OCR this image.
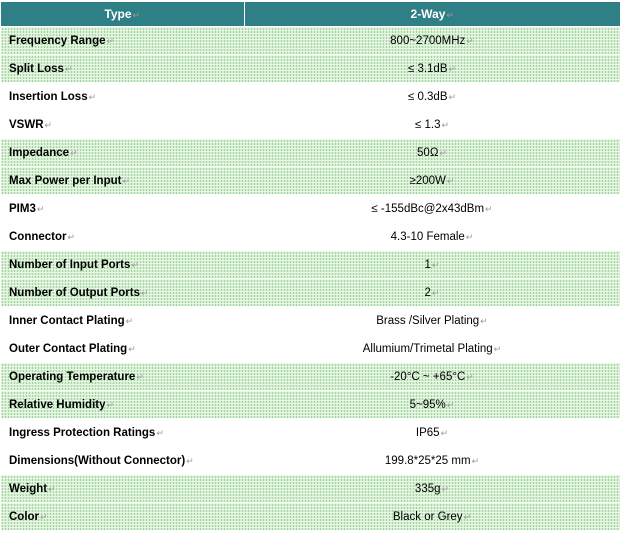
Type↵	2-Way↵
Frequency Range↵	800~2700MHz↵
Split Loss↵	≤ 3.1dB↵
Insertion Loss↵	≤ 0.3dB↵
VSWR↵	≤ 1.3↵
Impedance↵	50Ω↵
Max Power per Input↵	≥200W↵
PIM3↵	≤ -155dBc@2x43dBm↵
Connector↵	4.3-10 Female↵
Number of Input Ports↵	1↵
Number of Output Ports↵	2↵
Inner Contact Plating↵	Brass /Silver Plating↵
Outer Contact Plating↵	Allumium/Trimetal Plating↵
Operating Temperature↵	-20°C ~ +65°C↵
Relative Humidity↵	5~95%↵
Ingress Protection Ratings↵	IP65↵
Dimensions(Without Connector)↵	199.8*25*25 mm↵
Weight↵	335g↵
Color↵	Black or Grey↵
